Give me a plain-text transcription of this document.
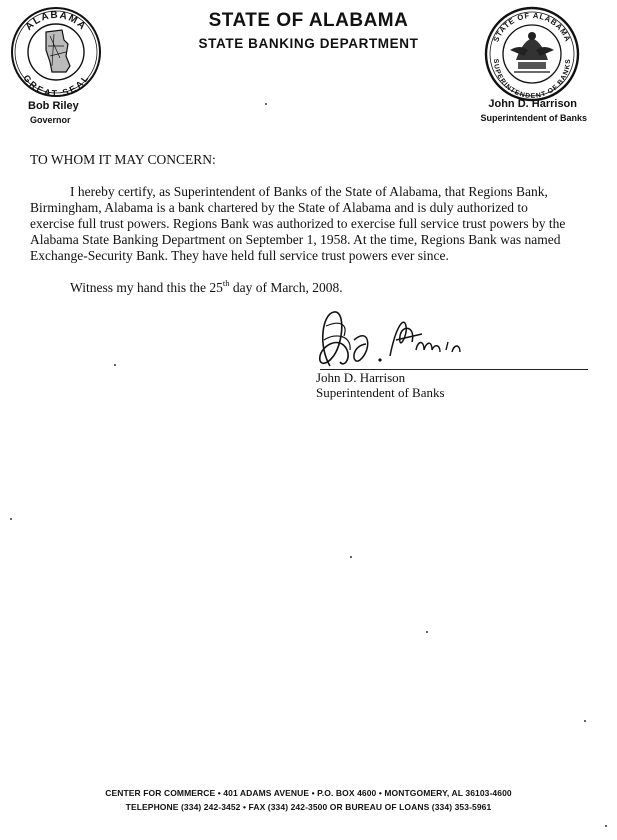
ALABAMA
GREAT SEAL
STATE OF ALABAMA
STATE BANKING DEPARTMENT	STATE OF ALABAMA
SUPERINTENDENT OF BANKS
Bob Riley
Governor
John D. Harrison
Superintendent of Banks
TO WHOM IT MAY CONCERN:
I hereby certify, as Superintendent of Banks of the State of Alabama, that Regions Bank, Birmingham, Alabama is a bank chartered by the State of Alabama and is duly authorized to exercise full trust powers. Regions Bank was authorized to exercise full service trust powers by the Alabama State Banking Department on September 1, 1958. At the time, Regions Bank was named Exchange-Security Bank. They have held full service trust powers ever since.
Witness my hand this the 25th day of March, 2008.
John D. Harrison
Superintendent of Banks
CENTER FOR COMMERCE • 401 ADAMS AVENUE • P.O. BOX 4600 • MONTGOMERY, AL 36103-4600
TELEPHONE (334) 242-3452 • FAX (334) 242-3500 OR BUREAU OF LOANS (334) 353-5961
